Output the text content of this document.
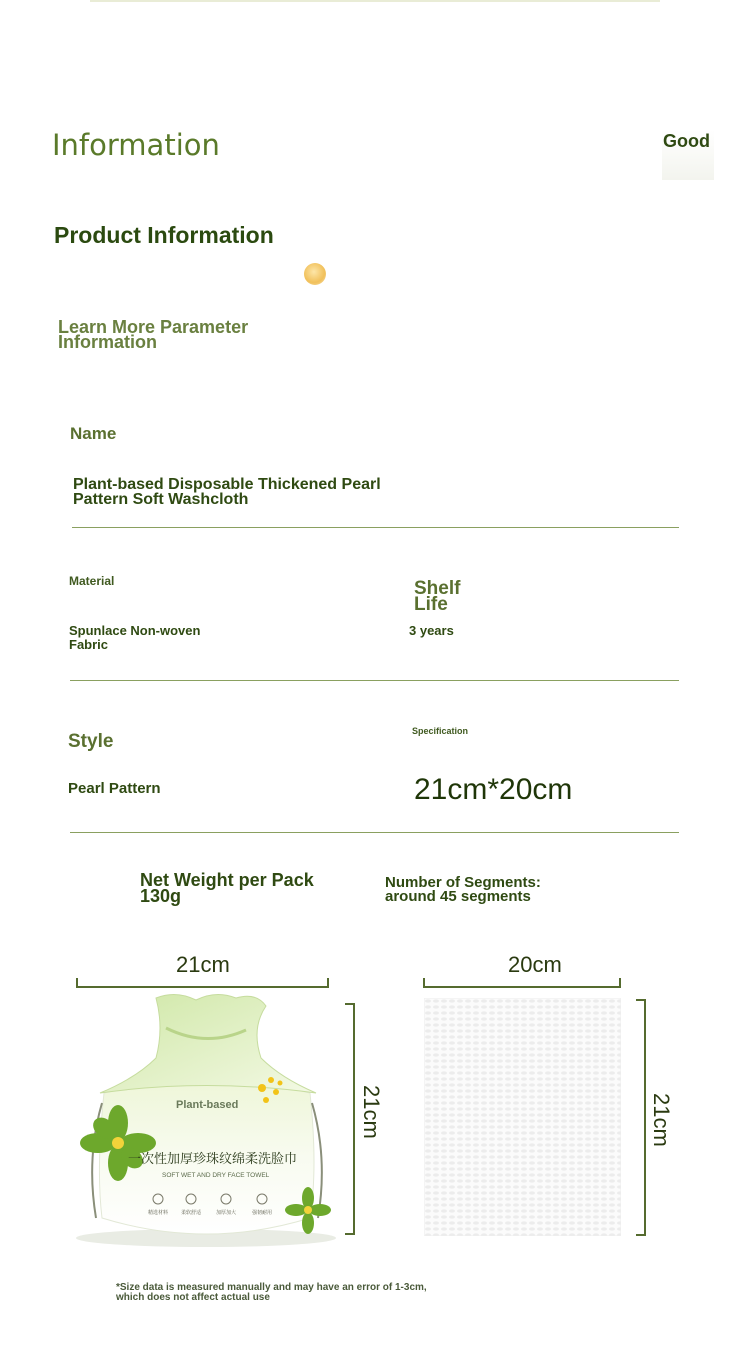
Information	Good
Product Information
Learn More Parameter Information
Name
Plant-based Disposable Thickened Pearl Pattern Soft Washcloth
Material
Spunlace Non-woven Fabric
Shelf Life
3 years
Style
Pearl Pattern
Specification
21cm*20cm
Net Weight per Pack 130g
Number of Segments: around 45 segments
21cm	20cm
21cm	21cm
Plant-based
一次性加厚珍珠纹绵柔洗脸巾
SOFT WET AND DRY FACE TOWEL
精选材料	柔软舒适	加厚加大	强韧耐用
*Size data is measured manually and may have an error of 1-3cm, which does not affect actual use
